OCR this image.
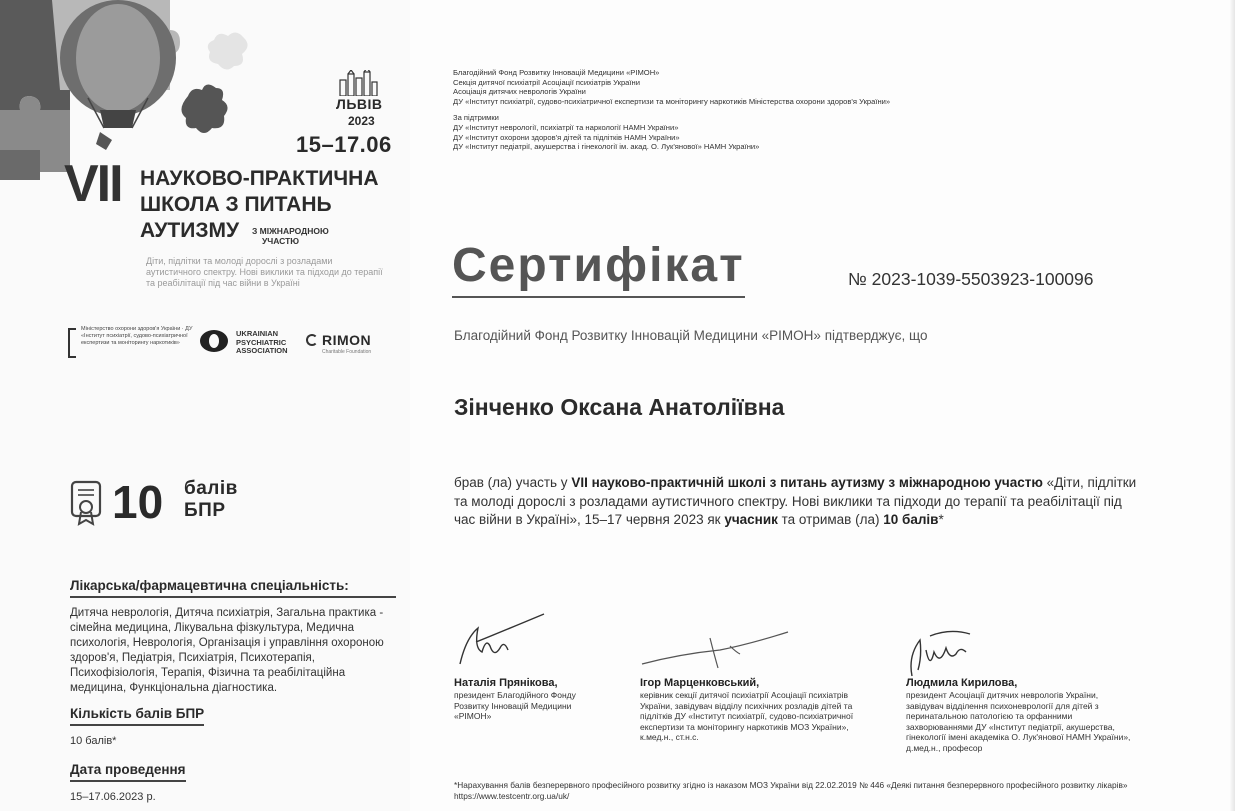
ЛЬВІВ
2023
15–17.06
VII НАУКОВО-ПРАКТИЧНА
ШКОЛА З ПИТАНЬ
АУТИЗМУ	З МІЖНАРОДНОЮ
УЧАСТЮ
Діти, підлітки та молоді дорослі з розладами аутистичного спектру. Нові виклики та підходи до терапії та реабілітації під час війни в Україні
Міністерство охорони здоров'я України · ДУ «Інститут психіатрії, судово-психіатричної експертизи та моніторингу наркотиків»
UKRAINIAN PSYCHIATRIC ASSOCIATION
RIMON
Charitable Foundation
10 балів
БПР
Лікарська/фармацевтична спеціальність:
Дитяча неврологія, Дитяча психіатрія, Загальна практика - сімейна медицина, Лікувальна фізкультура, Медична психологія, Неврологія, Організація і управління охороною здоров'я, Педіатрія, Психіатрія, Психотерапія, Психофізіологія, Терапія, Фізична та реабілітаційна медицина, Функціональна діагностика.
Кількість балів БПР
10 балів*
Дата проведення
15–17.06.2023 р.
Благодійний Фонд Розвитку Інновацій Медицини «РІМОН»
Секція дитячої психіатрії Асоціації психіатрів України
Асоціація дитячих неврологів України
ДУ «Інститут психіатрії, судово-психіатричної експертизи та моніторингу наркотиків Міністерства охорони здоров'я України»
За підтримки
ДУ «Інститут неврології, психіатрії та наркології НАМН України»
ДУ «Інститут охорони здоров'я дітей та підлітків НАМН України»
ДУ «Інститут педіатрії, акушерства і гінекології ім. акад. О. Лук'янової» НАМН України»
Сертифікат	№ 2023-1039-5503923-100096
Благодійний Фонд Розвитку Інновацій Медицини «РІМОН» підтверджує, що
Зінченко Оксана Анатоліївна
брав (ла) участь у VII науково-практичній школі з питань аутизму з міжнародною участю «Діти, підлітки та молоді дорослі з розладами аутистичного спектру. Нові виклики та підходи до терапії та реабілітації під час війни в Україні», 15–17 червня 2023 як учасник та отримав (ла) 10 балів*
Наталія Прянікова,
президент Благодійного Фонду Розвитку Інновацій Медицини «РІМОН»
Ігор Марценковський,
керівник секції дитячої психіатрії Асоціації психіатрів України, завідувач відділу психічних розладів дітей та підлітків ДУ «Інститут психіатрії, судово-психіатричної експертизи та моніторингу наркотиків МОЗ України», к.мед.н., ст.н.с.
Людмила Кирилова,
президент Асоціації дитячих неврологів України, завідувач відділення психоневрології для дітей з перинатальною патологією та орфанними захворюваннями ДУ «Інститут педіатрії, акушерства, гінекології імені академіка О. Лук'янової НАМН України», д.мед.н., професор
*Нарахування балів безперервного професійного розвитку згідно із наказом МОЗ України від 22.02.2019 № 446 «Деякі питання безперервного професійного розвитку лікарів» https://www.testcentr.org.ua/uk/
